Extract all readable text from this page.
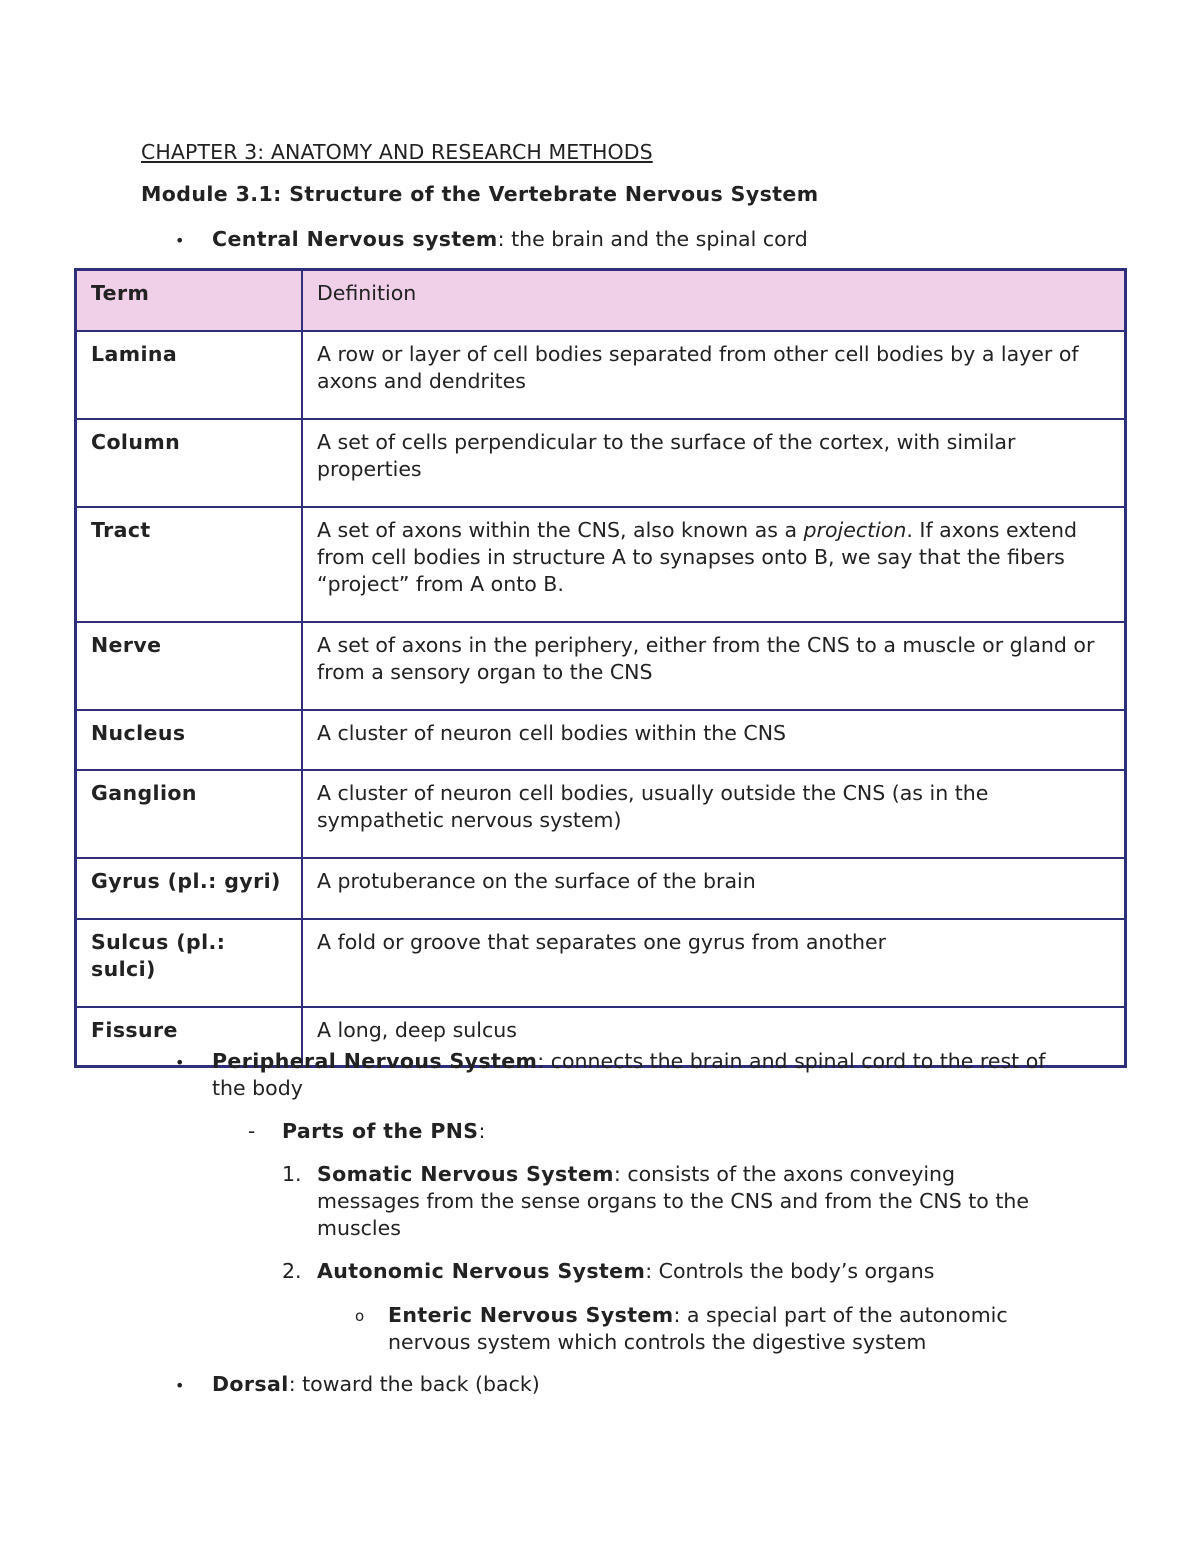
CHAPTER 3: ANATOMY AND RESEARCH METHODS
Module 3.1: Structure of the Vertebrate Nervous System
• Central Nervous system: the brain and the spinal cord
Term	Definition
Lamina	A row or layer of cell bodies separated from other cell bodies by a layer of axons and dendrites
Column	A set of cells perpendicular to the surface of the cortex, with similar properties
Tract	A set of axons within the CNS, also known as a projection. If axons extend from cell bodies in structure A to synapses onto B, we say that the fibers “project” from A onto B.
Nerve	A set of axons in the periphery, either from the CNS to a muscle or gland or from a sensory organ to the CNS
Nucleus	A cluster of neuron cell bodies within the CNS
Ganglion	A cluster of neuron cell bodies, usually outside the CNS (as in the sympathetic nervous system)
Gyrus (pl.: gyri)	A protuberance on the surface of the brain
Sulcus (pl.: sulci)	A fold or groove that separates one gyrus from another
Fissure	A long, deep sulcus
• Peripheral Nervous System: connects the brain and spinal cord to the rest of the body
- Parts of the PNS:
1. Somatic Nervous System: consists of the axons conveying messages from the sense organs to the CNS and from the CNS to the muscles
2. Autonomic Nervous System: Controls the body’s organs
o Enteric Nervous System: a special part of the autonomic nervous system which controls the digestive system
• Dorsal: toward the back (back)
